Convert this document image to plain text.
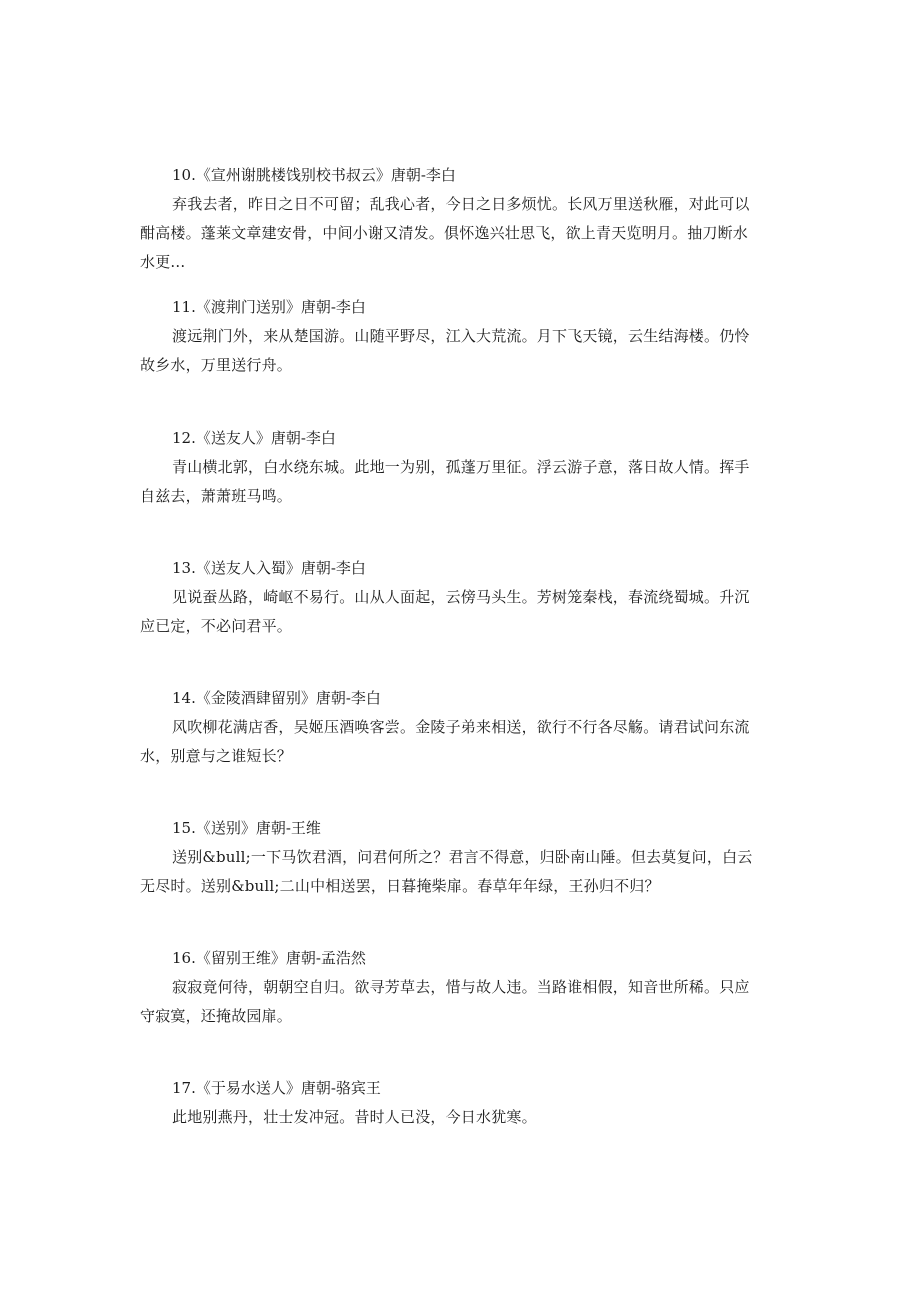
10.《宣州谢朓楼饯别校书叔云》唐朝-李白

弃我去者，昨日之日不可留；乱我心者，今日之日多烦忧。长风万里送秋雁，对此可以

酣高楼。蓬莱文章建安骨，中间小谢又清发。俱怀逸兴壮思飞，欲上青天览明月。抽刀断水

水更...

11.《渡荆门送别》唐朝-李白

渡远荆门外，来从楚国游。山随平野尽，江入大荒流。月下飞天镜，云生结海楼。仍怜

故乡水，万里送行舟。

12.《送友人》唐朝-李白

青山横北郭，白水绕东城。此地一为别，孤蓬万里征。浮云游子意，落日故人情。挥手

自兹去，萧萧班马鸣。

13.《送友人入蜀》唐朝-李白

见说蚕丛路，崎岖不易行。山从人面起，云傍马头生。芳树笼秦栈，春流绕蜀城。升沉

应已定，不必问君平。

14.《金陵酒肆留别》唐朝-李白

风吹柳花满店香，吴姬压酒唤客尝。金陵子弟来相送，欲行不行各尽觞。请君试问东流

水，别意与之谁短长？

15.《送别》唐朝-王维

送别&bull;一下马饮君酒，问君何所之？君言不得意，归卧南山陲。但去莫复问，白云

无尽时。送别&bull;二山中相送罢，日暮掩柴扉。春草年年绿，王孙归不归？

16.《留别王维》唐朝-孟浩然

寂寂竟何待，朝朝空自归。欲寻芳草去，惜与故人违。当路谁相假，知音世所稀。只应

守寂寞，还掩故园扉。

17.《于易水送人》唐朝-骆宾王

此地别燕丹，壮士发冲冠。昔时人已没，今日水犹寒。
